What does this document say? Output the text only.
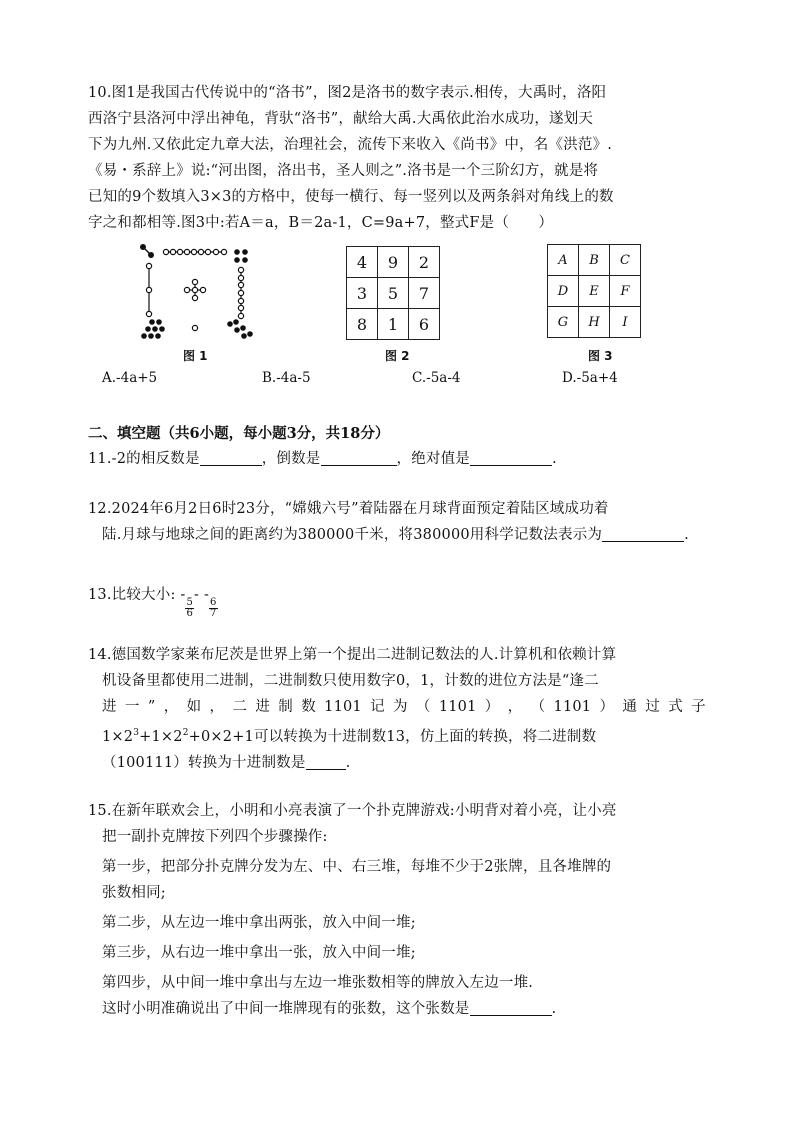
10.图1是我国古代传说中的“洛书”，图2是洛书的数字表示.相传，大禹时，洛阳
西洛宁县洛河中浮出神龟，背驮“洛书”，献给大禹.大禹依此治水成功，遂划天
下为九州.又依此定九章大法，治理社会，流传下来收入《尚书》中，名《洪范》.
《易・系辞上》说:“河出图，洛出书，圣人则之”.洛书是一个三阶幻方，就是将
已知的9个数填入3×3的方格中，使每一横行、每一竖列以及两条斜对角线上的数
字之和都相等.图3中:若A＝a，B＝2a-1，C=9a+7，整式F是（　　）
图 1
4	9	2
3	5	7
8	1	6
图 2
A	B	C
D	E	F
G	H	I
图 3
A.-4a+5	B.-4a-5	C.-5a-4	D.-5a+4
二、填空题（共6小题，每小题3分，共18分）
11.-2的相反数是	，倒数是	，绝对值是	.
12.2024年6月2日6时23分，“嫦娥六号”着陆器在月球背面预定着陆区域成功着
陆.月球与地球之间的距离约为380000千米，将380000用科学记数法表示为	.
13.比较大小: -
$\frac{5}{6}$
- -
$\frac{6}{7}$
14.德国数学家莱布尼茨是世界上第一个提出二进制记数法的人.计算机和依赖计算
机设备里都使用二进制，二进制数只使用数字0，1，计数的进位方法是“逢二
进 一 ” ， 如 ， 二 进 制 数 1101 记 为 （ 1101 ） ， （ 1101 ） 通 过 式 子
$1\times 2^3+1\times 2^2+0\times 2+1$可以转换为十进制数13，仿上面的转换，将二进制数
（100111）转换为十进制数是	.
15.在新年联欢会上，小明和小亮表演了一个扑克牌游戏:小明背对着小亮，让小亮
把一副扑克牌按下列四个步骤操作:
第一步，把部分扑克牌分发为左、中、右三堆，每堆不少于2张牌，且各堆牌的
张数相同;
第二步，从左边一堆中拿出两张，放入中间一堆;
第三步，从右边一堆中拿出一张，放入中间一堆;
第四步，从中间一堆中拿出与左边一堆张数相等的牌放入左边一堆.
这时小明准确说出了中间一堆牌现有的张数，这个张数是	.
